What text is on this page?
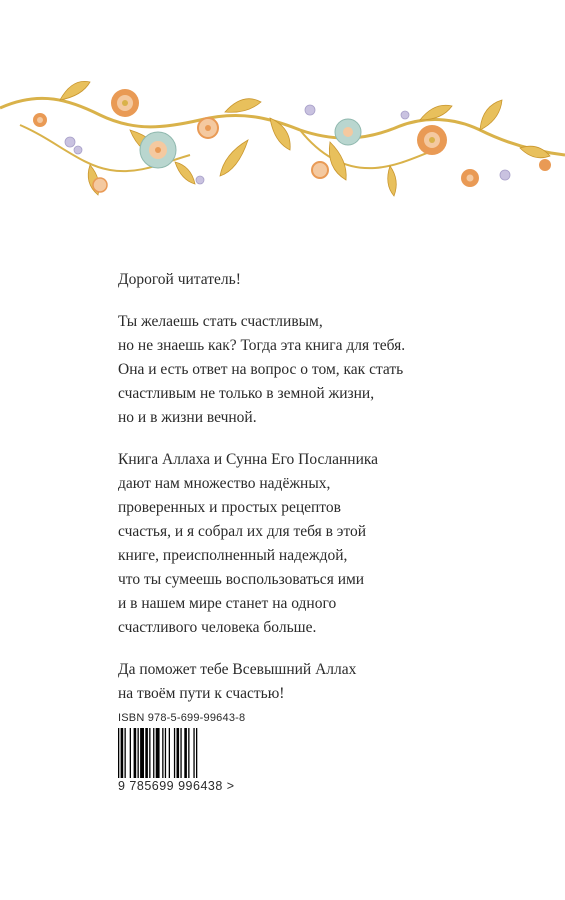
Дорогой читатель!

Ты желаешь стать счастливым,
но не знаешь как? Тогда эта книга для тебя.
Она и есть ответ на вопрос о том, как стать
счастливым не только в земной жизни,
но и в жизни вечной.

Книга Аллаха и Сунна Его Посланника
дают нам множество надёжных,
проверенных и простых рецептов
счастья, и я собрал их для тебя в этой
книге, преисполненный надеждой,
что ты сумеешь воспользоваться ими
и в нашем мире станет на одного
счастливого человека больше.

Да поможет тебе Всевышний Аллах
на твоём пути к счастью!

ISBN 978-5-699-99643-8
9 785699 996438 >
